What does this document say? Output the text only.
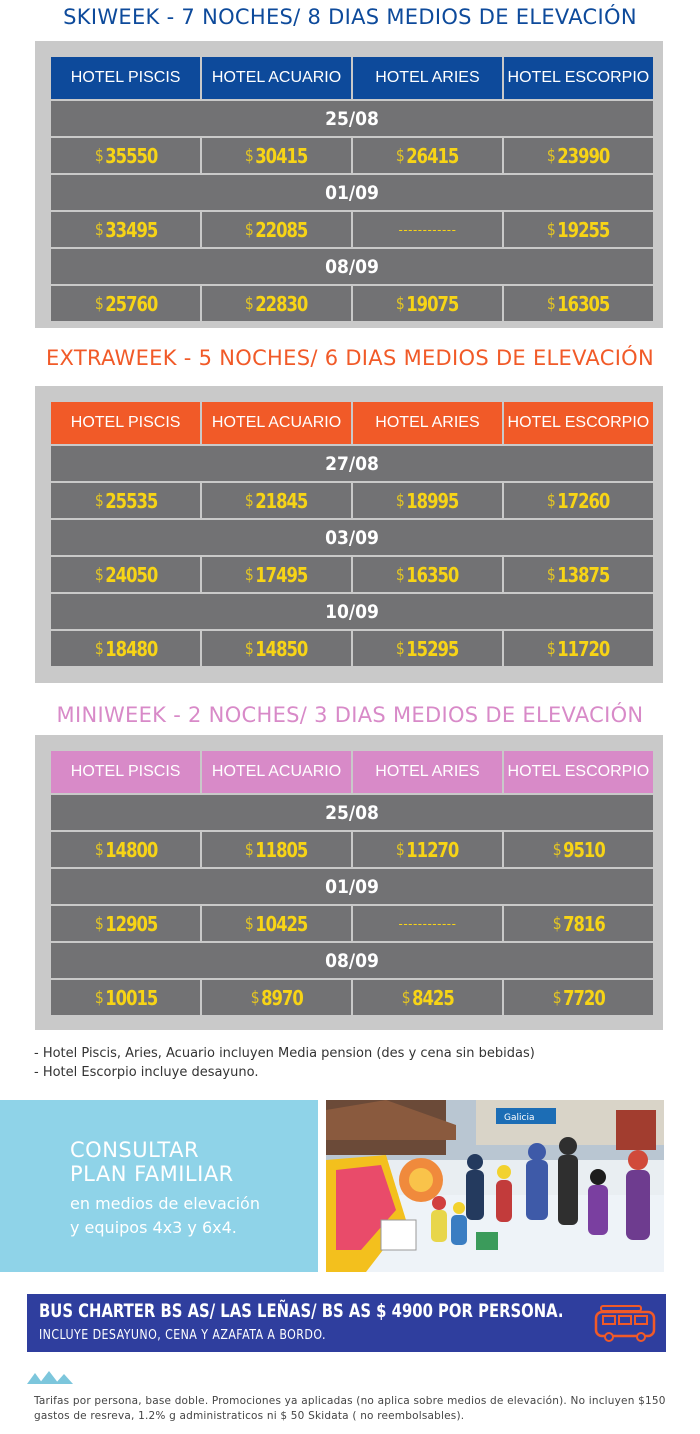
SKIWEEK - 7 NOCHES/ 8 DIAS MEDIOS DE ELEVACIÓN
HOTEL PISCIS	HOTEL ACUARIO	HOTEL ARIES	HOTEL ESCORPIO
25/08
$ 35550	$ 30415	$ 26415	$ 23990
01/09
$ 33495	$ 22085	------------	$ 19255
08/09
$ 25760	$ 22830	$ 19075	$ 16305
EXTRAWEEK - 5 NOCHES/ 6 DIAS MEDIOS DE ELEVACIÓN
HOTEL PISCIS	HOTEL ACUARIO	HOTEL ARIES	HOTEL ESCORPIO
27/08
$ 25535	$ 21845	$ 18995	$ 17260
03/09
$ 24050	$ 17495	$ 16350	$ 13875
10/09
$ 18480	$ 14850	$ 15295	$ 11720
MINIWEEK - 2 NOCHES/ 3 DIAS MEDIOS DE ELEVACIÓN
HOTEL PISCIS	HOTEL ACUARIO	HOTEL ARIES	HOTEL ESCORPIO
25/08
$ 14800	$ 11805	$ 11270	$ 9510
01/09
$ 12905	$ 10425	------------	$ 7816
08/09
$ 10015	$ 8970	$ 8425	$ 7720
- Hotel Piscis, Aries, Acuario incluyen Media pension (des y cena sin bebidas)
- Hotel Escorpio incluye desayuno.
CONSULTAR
PLAN FAMILIAR
en medios de elevación
y equipos 4x3 y 6x4.
Galicia
BUS CHARTER BS AS/ LAS LEÑAS/ BS AS $ 4900 POR PERSONA.
INCLUYE DESAYUNO, CENA Y AZAFATA A BORDO.
Tarifas por persona, base doble. Promociones ya aplicadas (no aplica sobre medios de elevación). No incluyen $150 gastos de resreva, 1.2% g administraticos ni $ 50 Skidata ( no reembolsables).
